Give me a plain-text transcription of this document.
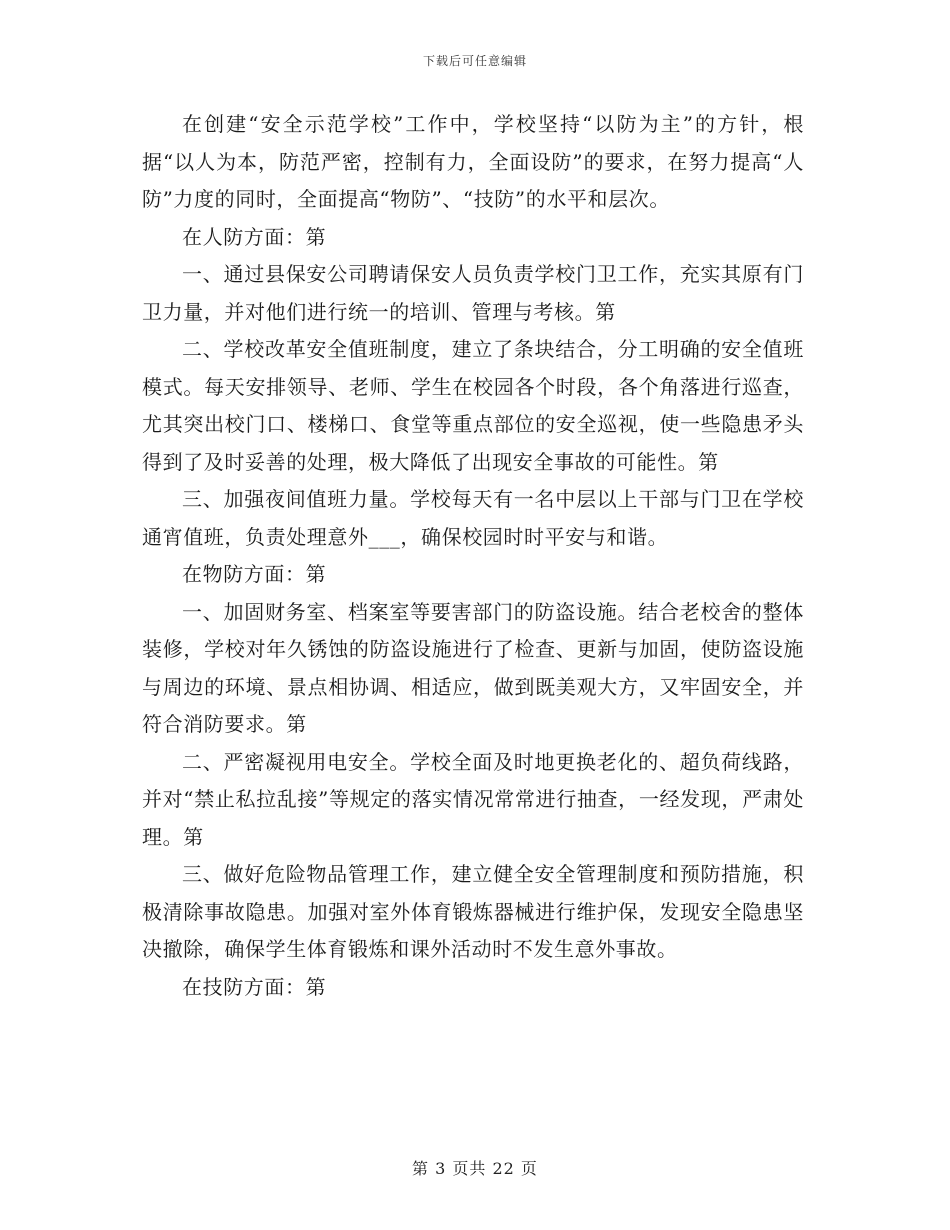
下载后可任意编辑

在创建“安全示范学校”工作中，学校坚持“以防为主”的方针，根据“以人为本，防范严密，控制有力，全面设防”的要求，在努力提高“人防”力度的同时，全面提高“物防”、“技防”的水平和层次。

在人防方面：第

一、通过县保安公司聘请保安人员负责学校门卫工作，充实其原有门卫力量，并对他们进行统一的培训、管理与考核。第

二、学校改革安全值班制度，建立了条块结合，分工明确的安全值班模式。每天安排领导、老师、学生在校园各个时段，各个角落进行巡查，尤其突出校门口、楼梯口、食堂等重点部位的安全巡视，使一些隐患矛头得到了及时妥善的处理，极大降低了出现安全事故的可能性。第

三、加强夜间值班力量。学校每天有一名中层以上干部与门卫在学校通宵值班，负责处理意外___，确保校园时时平安与和谐。

在物防方面：第

一、加固财务室、档案室等要害部门的防盗设施。结合老校舍的整体装修，学校对年久锈蚀的防盗设施进行了检查、更新与加固，使防盗设施与周边的环境、景点相协调、相适应，做到既美观大方，又牢固安全，并符合消防要求。第

二、严密凝视用电安全。学校全面及时地更换老化的、超负荷线路，并对“禁止私拉乱接”等规定的落实情况常常进行抽查，一经发现，严肃处理。第

三、做好危险物品管理工作，建立健全安全管理制度和预防措施，积极清除事故隐患。加强对室外体育锻炼器械进行维护保，发现安全隐患坚决撤除，确保学生体育锻炼和课外活动时不发生意外事故。

在技防方面：第

第 3 页共 22 页
